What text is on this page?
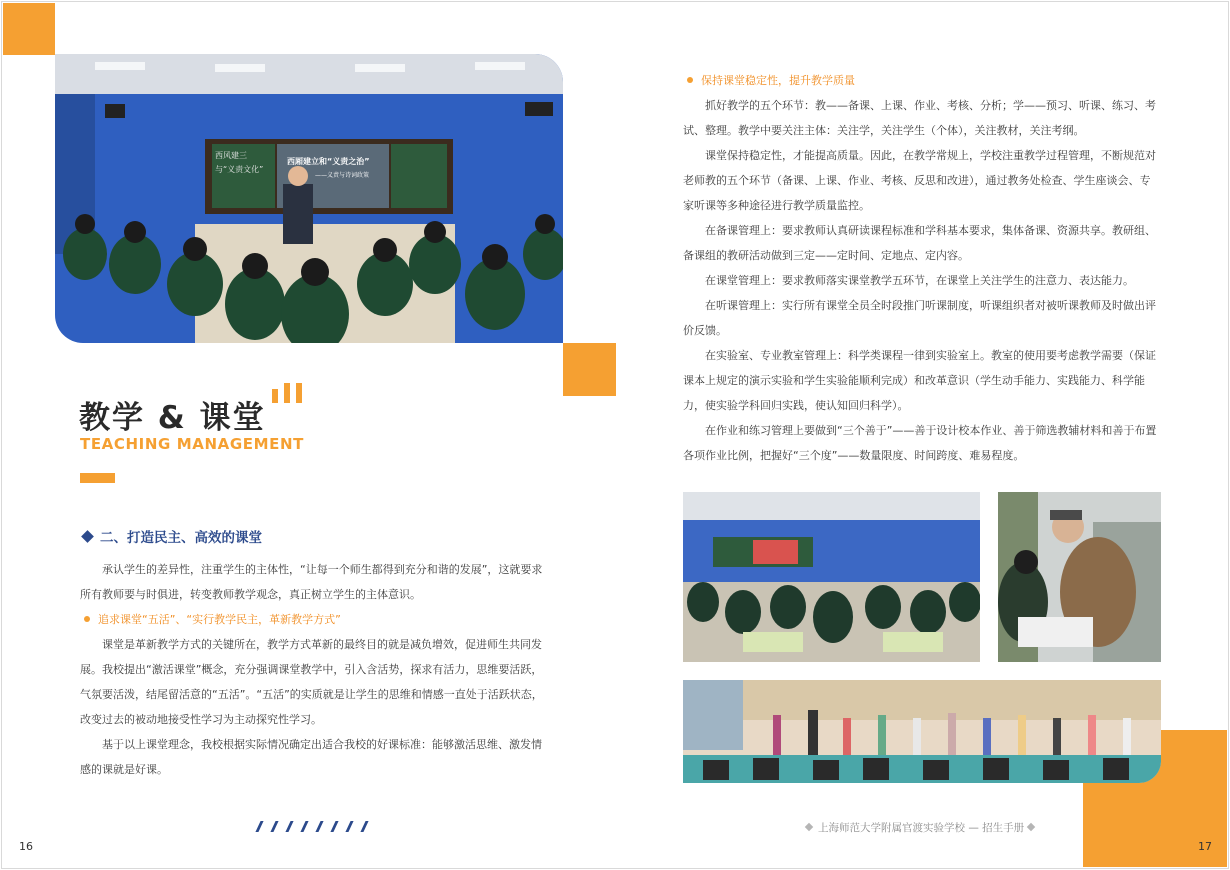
西风建三
与“义责文化”
西厢建立和“义责之治”
——义责与诗词政策
教学 & 课堂
TEACHING MANAGEMENT
二、打造民主、高效的课堂

承认学生的差异性，注重学生的主体性，“让每一个师生都得到充分和谐的发展”，这就要求所有教师要与时俱进，转变教师教学观念，真正树立学生的主体意识。

追求课堂“五活”、“实行教学民主，革新教学方式”

课堂是革新教学方式的关键所在，教学方式革新的最终目的就是减负增效，促进师生共同发展。我校提出“激活课堂”概念，充分强调课堂教学中，引入含活势，探求有活力，思维要活跃，气氛要活泼，结尾留活意的“五活”。“五活”的实质就是让学生的思维和情感一直处于活跃状态，改变过去的被动地接受性学习为主动探究性学习。

基于以上课堂理念，我校根据实际情况确定出适合我校的好课标准：能够激活思维、激发情感的课就是好课。

16

保持课堂稳定性，提升教学质量

抓好教学的五个环节：教——备课、上课、作业、考核、分析；学——预习、听课、练习、考试、整理。教学中要关注主体：关注学，关注学生（个体），关注教材，关注考纲。

课堂保持稳定性，才能提高质量。因此，在教学常规上，学校注重教学过程管理，不断规范对老师教的五个环节（备课、上课、作业、考核、反思和改进），通过教务处检查、学生座谈会、专家听课等多种途径进行教学质量监控。

在备课管理上：要求教师认真研读课程标准和学科基本要求，集体备课、资源共享。教研组、备课组的教研活动做到三定——定时间、定地点、定内容。

在课堂管理上：要求教师落实课堂教学五环节，在课堂上关注学生的注意力、表达能力。

在听课管理上：实行所有课堂全员全时段推门听课制度，听课组织者对被听课教师及时做出评价反馈。

在实验室、专业教室管理上：科学类课程一律到实验室上。教室的使用要考虑教学需要（保证课本上规定的演示实验和学生实验能顺利完成）和改革意识（学生动手能力、实践能力、科学能力，使实验学科回归实践，使认知回归科学）。

在作业和练习管理上要做到“三个善于”——善于设计校本作业、善于筛选教辅材料和善于布置各项作业比例，把握好“三个度”——数量限度、时间跨度、难易程度。

上海师范大学附属官渡实验学校 — 招生手册
17
